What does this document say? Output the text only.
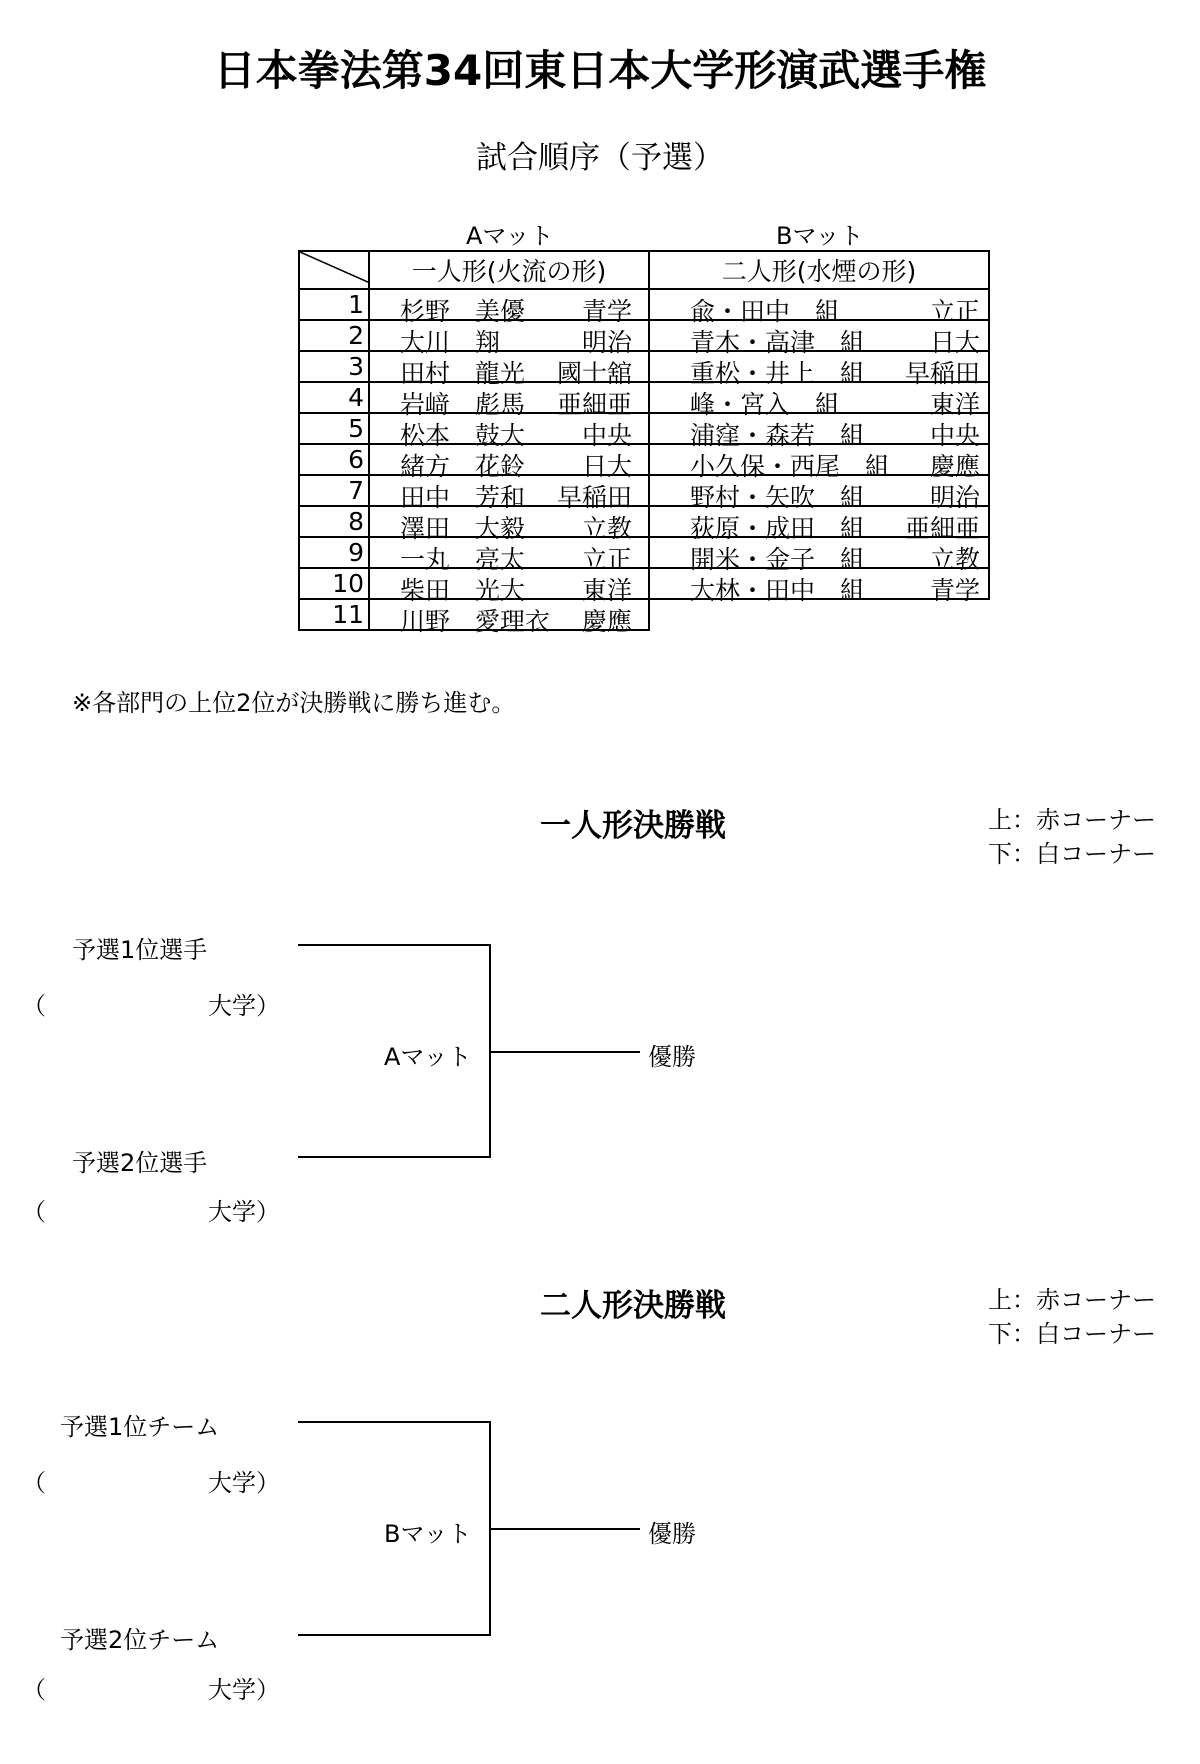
日本拳法第34回東日本大学形演武選手権
試合順序（予選）
Aマット	Bマット
	一人形(火流の形)	二人形(水煙の形)
1	杉野　美優 青学	兪・田中　組 立正

2	大川　翔 明治	青木・高津　組 日大

3	田村　龍光 國士舘	重松・井上　組 早稲田

4	岩﨑　彪馬 亜細亜	峰・宮入　組 東洋

5	松本　鼓大 中央	浦窪・森若　組 中央

6	緒方　花鈴 日大	小久保・西尾　組 慶應

7	田中　芳和 早稲田	野村・矢吹　組 明治

8	澤田　大毅 立教	荻原・成田　組 亜細亜

9	一丸　亮太 立正	開米・金子　組 立教

10	柴田　光大 東洋	大林・田中　組 青学

11	川野　愛理衣 慶應	

※各部門の上位2位が決勝戦に勝ち進む。
一人形決勝戦	上：赤コーナー
下：白コーナー
予選1位選手
（	大学）
Aマット	優勝
予選2位選手
（	大学）
二人形決勝戦	上：赤コーナー
下：白コーナー
予選1位チーム
（	大学）
Bマット	優勝
予選2位チーム
（	大学）
